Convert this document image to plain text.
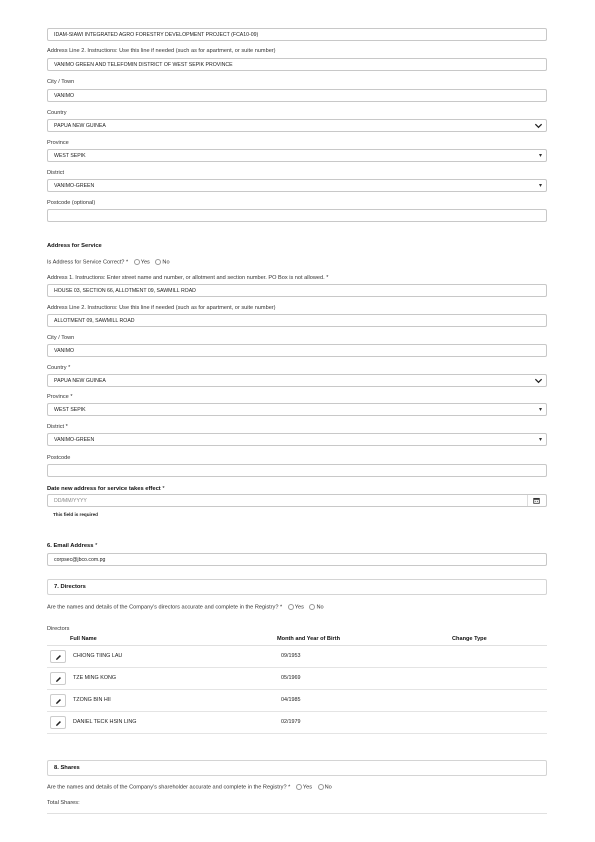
IDAM-SIAWI INTEGRATED AGRO FORESTRY DEVELOPMENT PROJECT (FCA10-09)
Address Line 2. Instructions: Use this line if needed (such as for apartment, or suite number)
VANIMO GREEN AND TELEFOMIN DISTRICT OF WEST SEPIK PROVINCE
City / Town
VANIMO
Country
PAPUA NEW GUINEA
Province
WEST SEPIK	▾
District
VANIMO-GREEN	▾
Postcode (optional)
Address for Service
Is Address for Service Correct? * Yes No
Address 1. Instructions: Enter street name and number, or allotment and section number. PO Box is not allowed. *
HOUSE 03, SECTION 66, ALLOTMENT 09, SAWMILL ROAD
Address Line 2. Instructions: Use this line if needed (such as for apartment, or suite number)
ALLOTMENT 09, SAWMILL ROAD
City / Town
VANIMO
Country *
PAPUA NEW GUINEA
Province *
WEST SEPIK	▾
District *
VANIMO-GREEN	▾
Postcode
Date new address for service takes effect *
DD/MM/YYYY
This field is required
6. Email Address *
corpsec@jbco.com.pg
7. Directors
Are the names and details of the Company's directors accurate and complete in the Registry? * Yes No
Directors
Full Name	Month and Year of Birth	Change Type
CHIONG TIING LAU	09/1953
TZE MING KONG	05/1969
TZONG BIN HII	04/1985
DANIEL TECK HSIN LING	02/1979
8. Shares
Are the names and details of the Company's shareholder accurate and complete in the Registry? * Yes No
Total Shares:
